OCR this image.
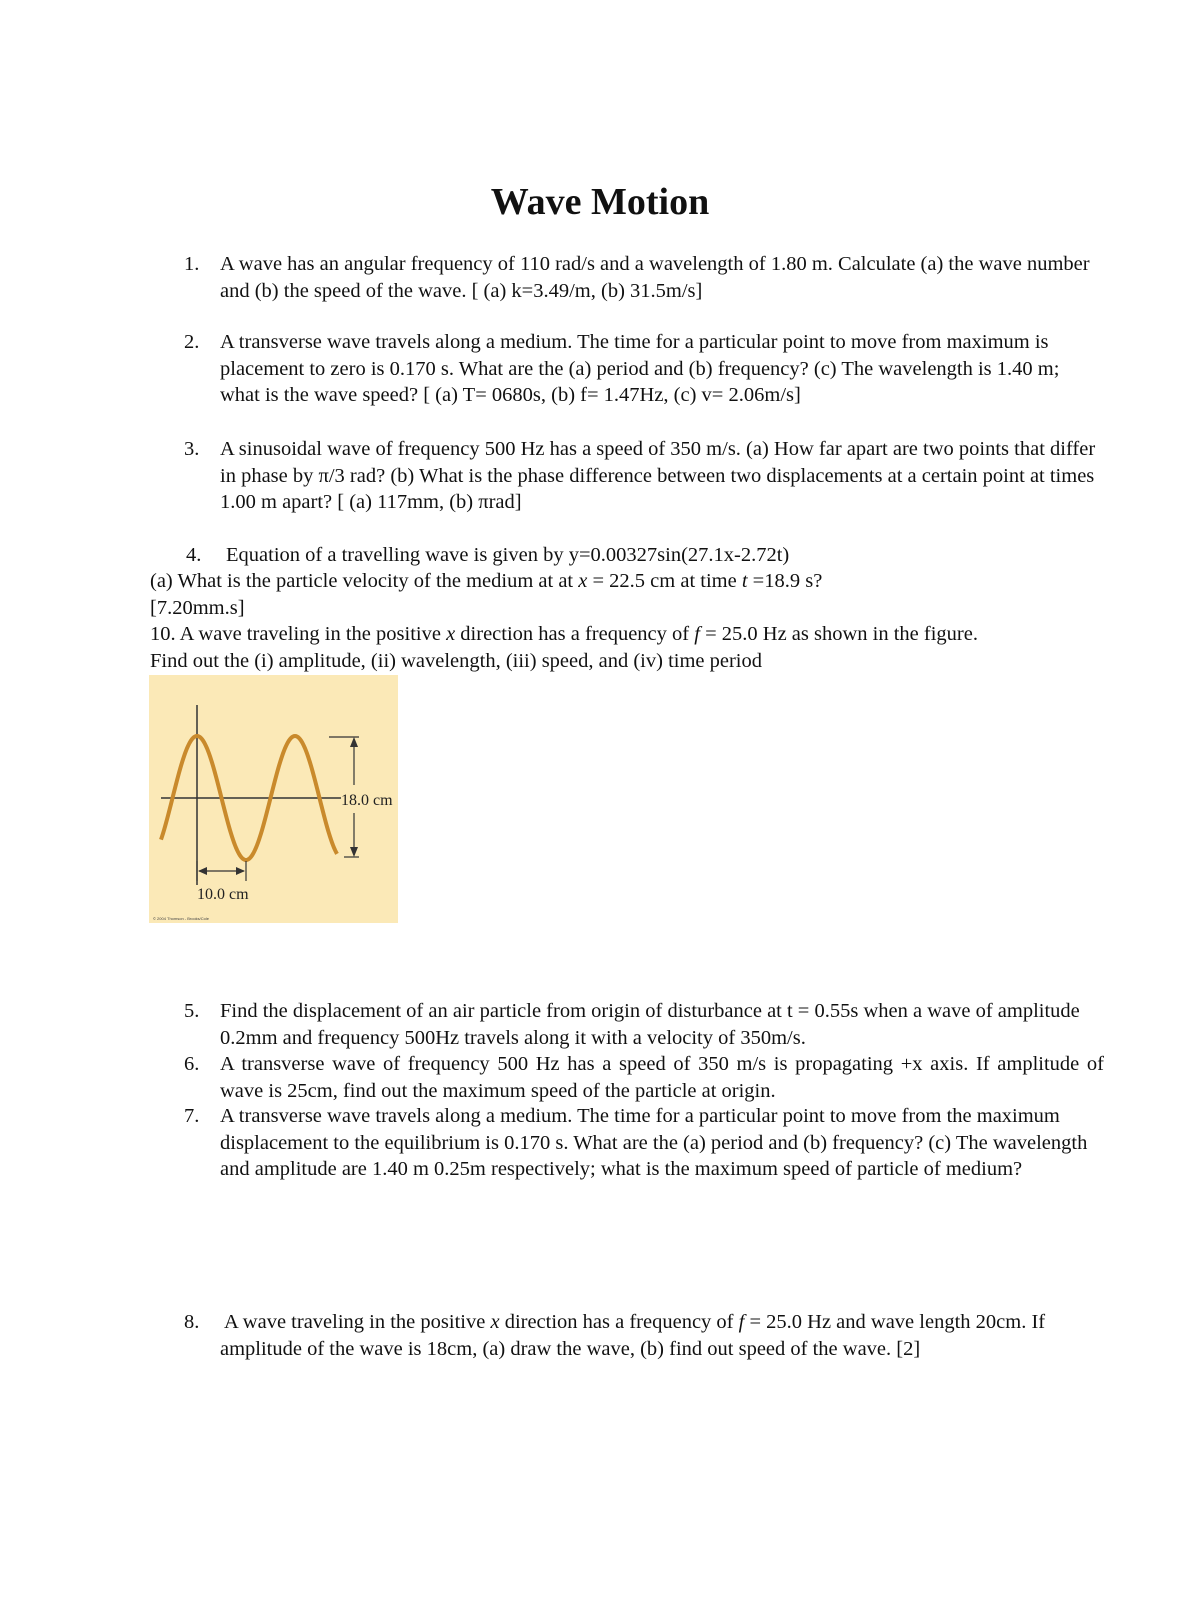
Wave Motion
1. A wave has an angular frequency of 110 rad/s and a wavelength of 1.80 m. Calculate (a) the wave number and (b) the speed of the wave. [ (a) k=3.49/m, (b) 31.5m/s]
2. A transverse wave travels along a medium. The time for a particular point to move from maximum is placement to zero is 0.170 s. What are the (a) period and (b) frequency? (c) The wavelength is 1.40 m; what is the wave speed? [ (a) T= 0680s, (b) f= 1.47Hz, (c) v= 2.06m/s]
3. A sinusoidal wave of frequency 500 Hz has a speed of 350 m/s. (a) How far apart are two points that differ in phase by π/3 rad? (b) What is the phase difference between two displacements at a certain point at times 1.00 m apart? [ (a) 117mm, (b) πrad]
4. Equation of a travelling wave is given by y=0.00327sin(27.1x-2.72t)
(a) What is the particle velocity of the medium at at x = 22.5 cm at time t =18.9 s?
[7.20mm.s]
10. A wave traveling in the positive x direction has a frequency of f = 25.0 Hz as shown in the figure.
Find out the (i) amplitude, (ii) wavelength, (iii) speed, and (iv) time period
18.0 cm
10.0 cm
© 2004 Thomson - Brooks/Cole
5. Find the displacement of an air particle from origin of disturbance at t = 0.55s when a wave of amplitude 0.2mm and frequency 500Hz travels along it with a velocity of 350m/s.
6. A transverse wave of frequency 500 Hz has a speed of 350 m/s is propagating +x axis. If amplitude of wave is 25cm, find out the maximum speed of the particle at origin.
7. A transverse wave travels along a medium. The time for a particular point to move from the maximum displacement to the equilibrium is 0.170 s. What are the (a) period and (b) frequency? (c) The wavelength and amplitude are 1.40 m 0.25m respectively; what is the maximum speed of particle of medium?
8. A wave traveling in the positive x direction has a frequency of f = 25.0 Hz and wave length 20cm. If amplitude of the wave is 18cm, (a) draw the wave, (b) find out speed of the wave. [2]
